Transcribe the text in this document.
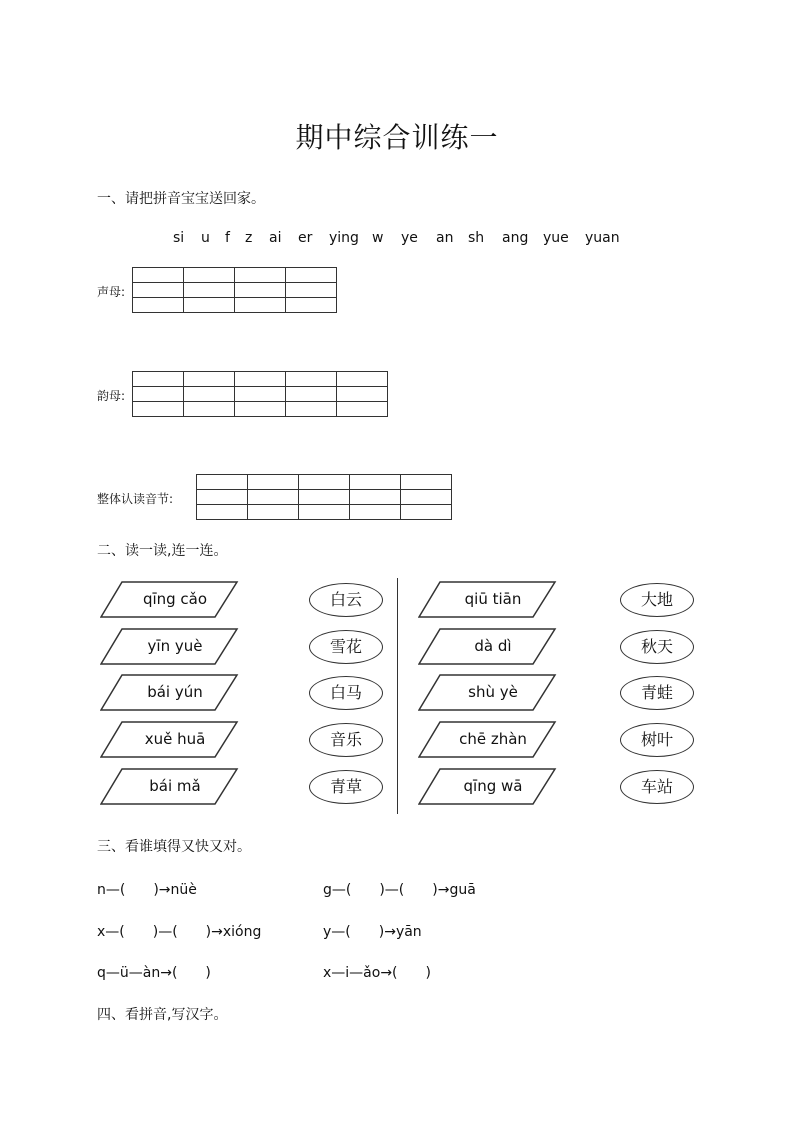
期中综合训练一
一、请把拼音宝宝送回家。
si u f z ai er ying w ye an sh ang yue yuan
声母:

韵母:

整体认读音节:

二、读一读,连一连。
qīng cǎo
yīn yuè
bái yún
xuě huā
bái mǎ
白云
雪花
白马
音乐
青草
qiū tiān
dà dì
shù yè
chē zhàn
qīng wā
大地
秋天
青蛙
树叶
车站
三、看谁填得又快又对。
n—(　　)→nüè	g—(　　)—(　　)→guā
x—(　　)—(　　)→xióng	y—(　　)→yān
q—ü—àn→(　　)	x—i—ǎo→(　　)
四、看拼音,写汉字。
